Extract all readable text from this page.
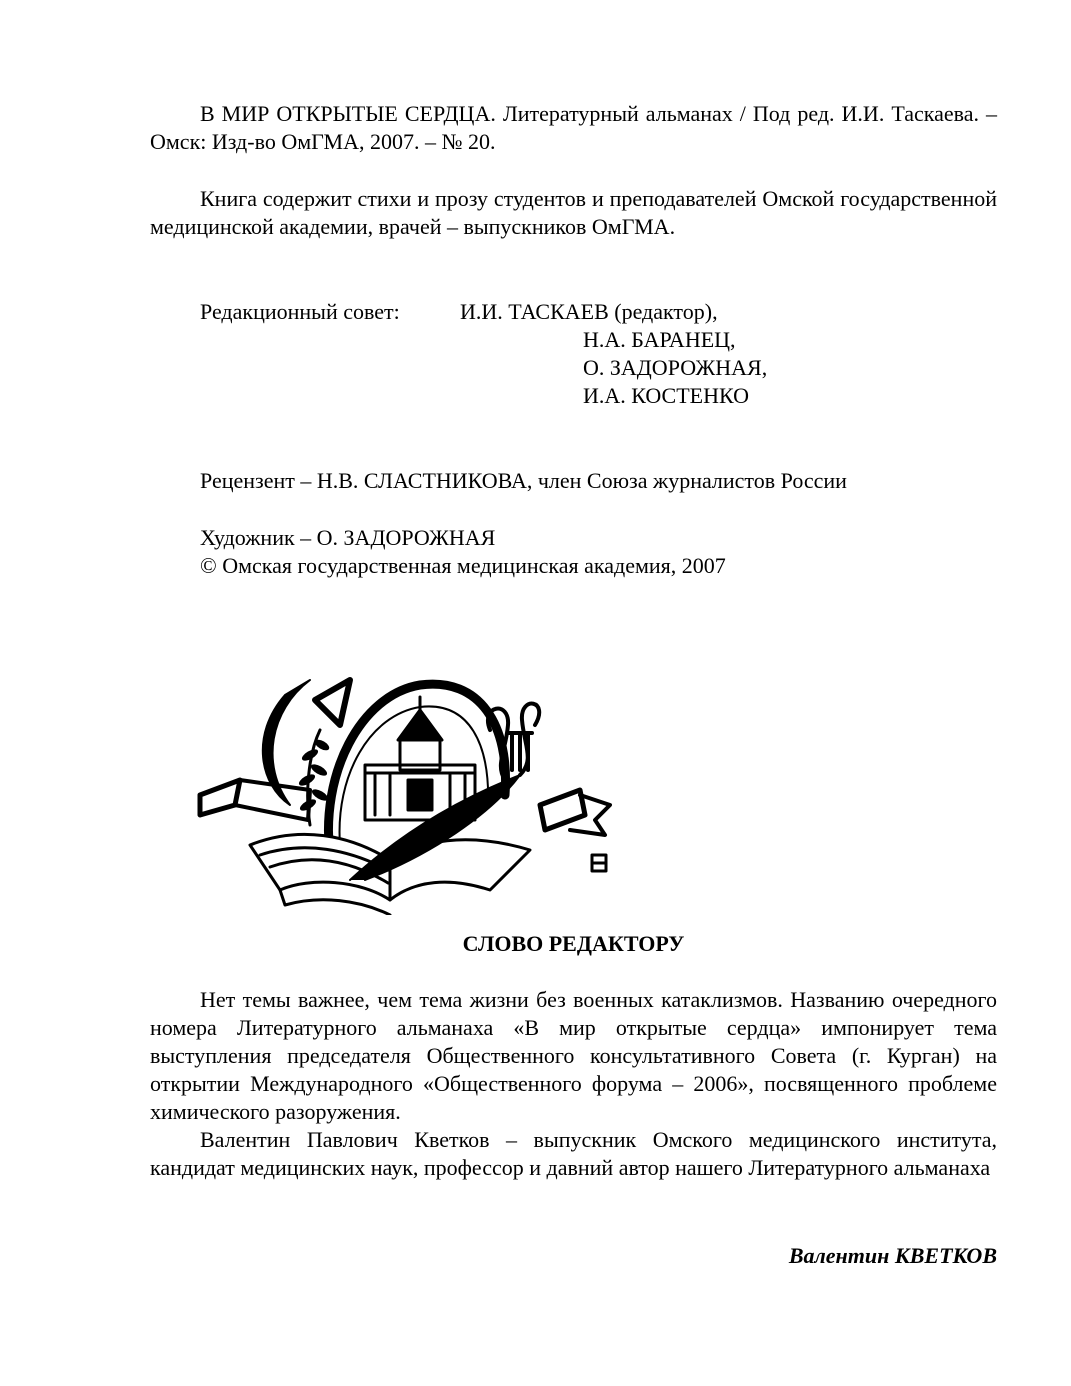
В МИР ОТКРЫТЫЕ СЕРДЦА. Литературный альманах / Под ред. И.И. Таскаева. – Омск: Изд-во ОмГМА, 2007. – № 20.

Книга содержит стихи и прозу студентов и преподавателей Омской государственной медицинской академии, врачей – выпускников ОмГМА.

Редакционный совет:	И.И. ТАСКАЕВ (редактор),

Н.А. БАРАНЕЦ,

О. ЗАДОРОЖНАЯ,

И.А. КОСТЕНКО

Рецензент – Н.В. СЛАСТНИКОВА, член Союза журналистов России

Художник – О. ЗАДОРОЖНАЯ

© Омская государственная медицинская академия, 2007

СЛОВО РЕДАКТОРУ

Нет темы важнее, чем тема жизни без военных катаклизмов. Названию очередного номера Литературного альманаха «В мир открытые сердца» импонирует тема выступления председателя Общественного консультативного Совета (г. Курган) на открытии Международного «Общественного форума – 2006», посвященного проблеме химического разоружения.

Валентин Павлович Кветков – выпускник Омского медицинского института, кандидат медицинских наук, профессор и давний автор нашего Литературного альманаха

Валентин КВЕТКОВ
